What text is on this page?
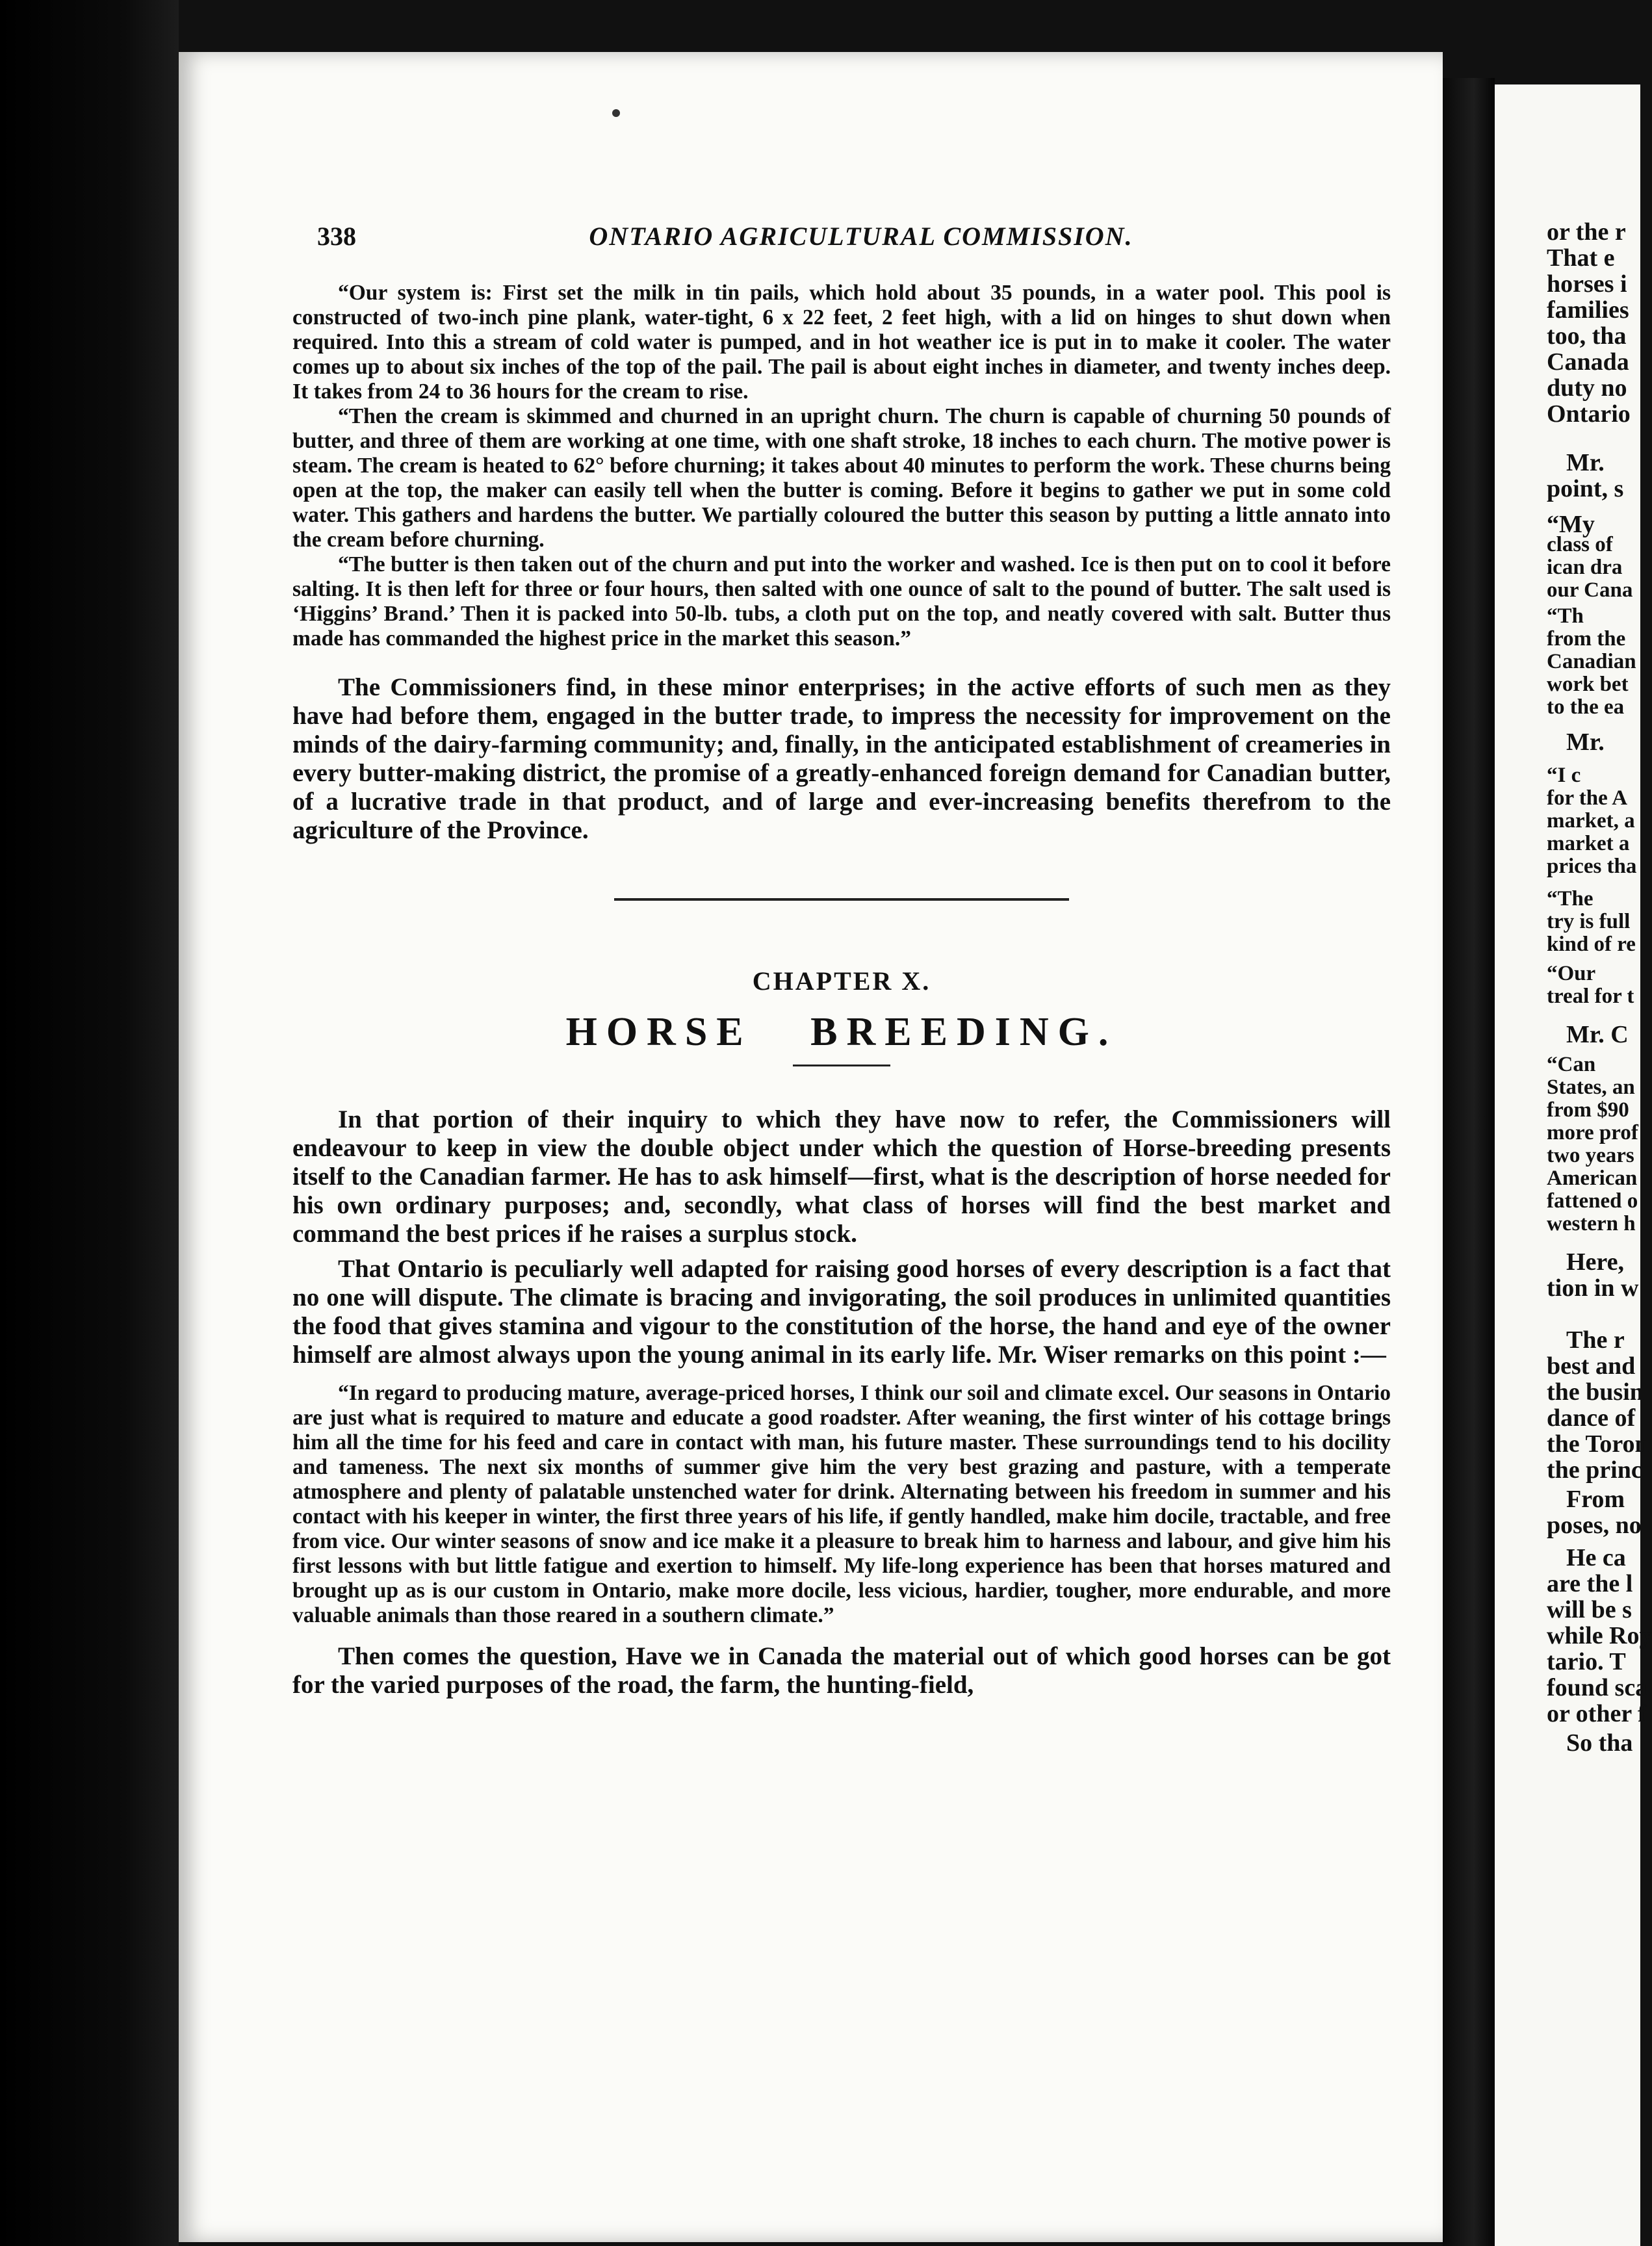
338	ONTARIO AGRICULTURAL COMMISSION.

“Our system is: First set the milk in tin pails, which hold about 35 pounds, in a water pool. This pool is constructed of two-inch pine plank, water-tight, 6 x 22 feet, 2 feet high, with a lid on hinges to shut down when required. Into this a stream of cold water is pumped, and in hot weather ice is put in to make it cooler. The water comes up to about six inches of the top of the pail. The pail is about eight inches in diameter, and twenty inches deep. It takes from 24 to 36 hours for the cream to rise.

“Then the cream is skimmed and churned in an upright churn. The churn is capable of churning 50 pounds of butter, and three of them are working at one time, with one shaft stroke, 18 inches to each churn. The motive power is steam. The cream is heated to 62° before churning; it takes about 40 minutes to perform the work. These churns being open at the top, the maker can easily tell when the butter is coming. Before it begins to gather we put in some cold water. This gathers and hardens the butter. We partially coloured the butter this season by putting a little annato into the cream before churning.

“The butter is then taken out of the churn and put into the worker and washed. Ice is then put on to cool it before salting. It is then left for three or four hours, then salted with one ounce of salt to the pound of butter. The salt used is ‘Higgins’ Brand.’ Then it is packed into 50-lb. tubs, a cloth put on the top, and neatly covered with salt. Butter thus made has commanded the highest price in the market this season.”

The Commissioners find, in these minor enterprises; in the active efforts of such men as they have had before them, engaged in the butter trade, to impress the necessity for improvement on the minds of the dairy-farming community; and, finally, in the anticipated establishment of creameries in every butter-making district, the promise of a greatly-enhanced foreign demand for Canadian butter, of a lucrative trade in that product, and of large and ever-increasing benefits therefrom to the agriculture of the Province.

CHAPTER X.
HORSE BREEDING.

In that portion of their inquiry to which they have now to refer, the Commissioners will endeavour to keep in view the double object under which the question of Horse-breeding presents itself to the Canadian farmer. He has to ask himself—first, what is the description of horse needed for his own ordinary purposes; and, secondly, what class of horses will find the best market and command the best prices if he raises a surplus stock.

That Ontario is peculiarly well adapted for raising good horses of every description is a fact that no one will dispute. The climate is bracing and invigorating, the soil produces in unlimited quantities the food that gives stamina and vigour to the constitution of the horse, the hand and eye of the owner himself are almost always upon the young animal in its early life. Mr. Wiser remarks on this point :—

“In regard to producing mature, average-priced horses, I think our soil and climate excel. Our seasons in Ontario are just what is required to mature and educate a good roadster. After weaning, the first winter of his cottage brings him all the time for his feed and care in contact with man, his future master. These surroundings tend to his docility and tameness. The next six months of summer give him the very best grazing and pasture, with a temperate atmosphere and plenty of palatable unstenched water for drink. Alternating between his freedom in summer and his contact with his keeper in winter, the first three years of his life, if gently handled, make him docile, tractable, and free from vice. Our winter seasons of snow and ice make it a pleasure to break him to harness and labour, and give him his first lessons with but little fatigue and exertion to himself. My life-long experience has been that horses matured and brought up as is our custom in Ontario, make more docile, less vicious, hardier, tougher, more endurable, and more valuable animals than those reared in a southern climate.”

Then comes the question, Have we in Canada the material out of which good horses can be got for the varied purposes of the road, the farm, the hunting-field,

or the r
That e
horses i
families
too, tha
Canada
duty no
Ontario
Mr.
point, s
“My
class of
ican dra
our Cana
“Th
from the
Canadian
work bet
to the ea
Mr.
“I c
for the A
market, a
market a
prices tha
“The
try is full
kind of re
“Our
treal for t
Mr. C
“Can
States, an
from $90
more prof
two years
American
fattened o
western h
Here,
tion in w
The r
best and
the busin
dance of
the Toron
the princ
From
poses, no
He ca
are the l
will be s
while Roy
tario. T
found sca
or other f
So tha
